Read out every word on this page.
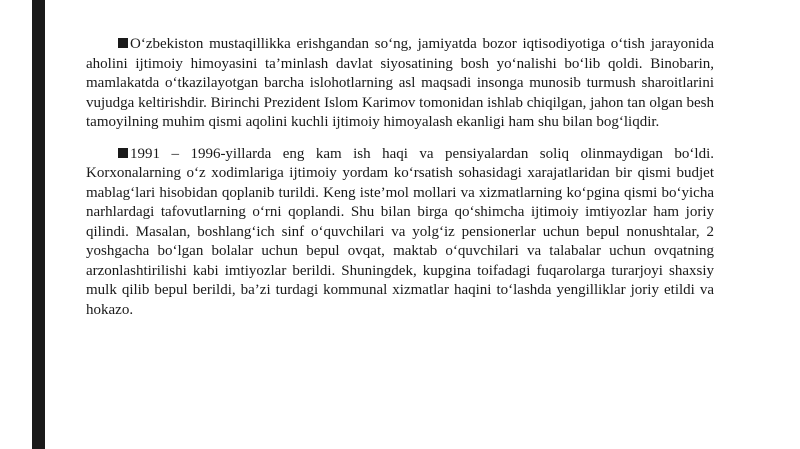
O‘zbekiston mustaqillikka erishgandan so‘ng, jamiyatda bozor iqtisodiyotiga o‘tish jarayonida aholini ijtimoiy himoyasini ta’minlash davlat siyosatining bosh yo‘nalishi bo‘lib qoldi. Binobarin, mamlakatda o‘tkazilayotgan barcha islohotlarning asl maqsadi insonga munosib turmush sharoitlarini vujudga keltirishdir. Birinchi Prezident Islom Karimov tomonidan ishlab chiqilgan, jahon tan olgan besh tamoyilning muhim qismi aqolini kuchli ijtimoiy himoyalash ekanligi ham shu bilan bog‘liqdir.

1991 – 1996-yillarda eng kam ish haqi va pensiyalardan soliq olinmaydigan bo‘ldi. Korxonalarning o‘z xodimlariga ijtimoiy yordam ko‘rsatish sohasidagi xarajatlaridan bir qismi budjet mablag‘lari hisobidan qoplanib turildi. Keng iste’mol mollari va xizmatlarning ko‘pgina qismi bo‘yicha narhlardagi tafovutlarning o‘rni qoplandi. Shu bilan birga qo‘shimcha ijtimoiy imtiyozlar ham joriy qilindi. Masalan, boshlang‘ich sinf o‘quvchilari va yolg‘iz pensionerlar uchun bepul nonushtalar, 2 yoshgacha bo‘lgan bolalar uchun bepul ovqat, maktab o‘quvchilari va talabalar uchun ovqatning arzonlashtirilishi kabi imtiyozlar berildi. Shuningdek, kupgina toifadagi fuqarolarga turarjoyi shaxsiy mulk qilib bepul berildi, ba’zi turdagi kommunal xizmatlar haqini to‘lashda yengilliklar joriy etildi va hokazo.
